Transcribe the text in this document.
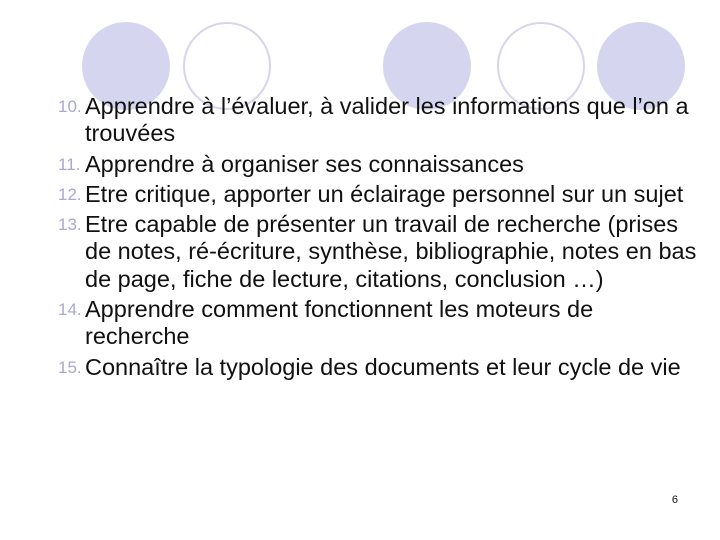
10. Apprendre à l’évaluer, à valider les informations que l’on a trouvées
11. Apprendre à organiser ses connaissances
12. Etre critique, apporter un éclairage personnel sur un sujet
13. Etre capable de présenter un travail de recherche (prises de notes, ré-écriture, synthèse, bibliographie, notes en bas de page, fiche de lecture, citations, conclusion …)
14. Apprendre comment fonctionnent les moteurs de recherche
15. Connaître la typologie des documents et leur cycle de vie
6
